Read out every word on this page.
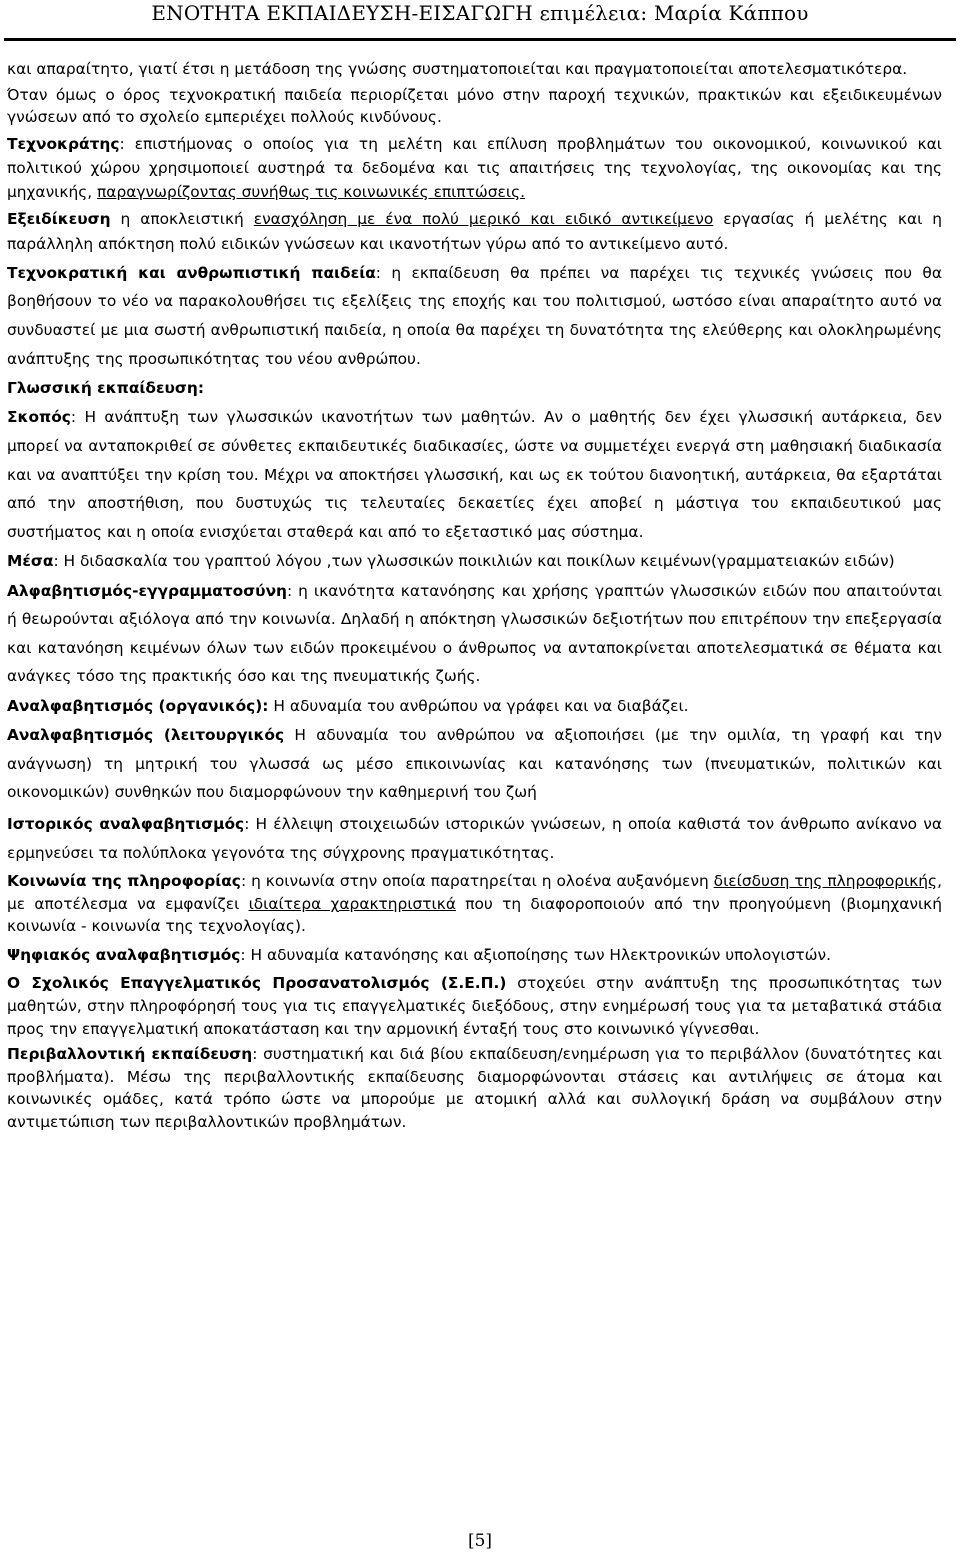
ΕΝΟΤΗΤΑ ΕΚΠΑΙΔΕΥΣΗ-ΕΙΣΑΓΩΓΗ επιμέλεια: Μαρία Κάππου

και απαραίτητο, γιατί έτσι η μετάδοση της γνώσης συστηματοποιείται και πραγματοποιείται αποτελεσματικότερα.

Όταν όμως ο όρος τεχνοκρατική παιδεία περιορίζεται μόνο στην παροχή τεχνικών, πρακτικών και εξειδικευμένων γνώσεων από το σχολείο εμπεριέχει πολλούς κινδύνους.

Τεχνοκράτης: επιστήμονας ο οποίος για τη μελέτη και επίλυση προβλημάτων του οικονομικού, κοινωνικού και πολιτικού χώρου χρησιμοποιεί αυστηρά τα δεδομένα και τις απαιτήσεις της τεχνολογίας, της οικονομίας και της μηχανικής, παραγνωρίζοντας συνήθως τις κοινωνικές επιπτώσεις.

Εξειδίκευση η αποκλειστική ενασχόληση με ένα πολύ μερικό και ειδικό αντικείμενο εργασίας ή μελέτης και η παράλληλη απόκτηση πολύ ειδικών γνώσεων και ικανοτήτων γύρω από το αντικείμενο αυτό.

Τεχνοκρατική και ανθρωπιστική παιδεία: η εκπαίδευση θα πρέπει να παρέχει τις τεχνικές γνώσεις που θα βοηθήσουν το νέο να παρακολουθήσει τις εξελίξεις της εποχής και του πολιτισμού, ωστόσο είναι απαραίτητο αυτό να συνδυαστεί με μια σωστή ανθρωπιστική παιδεία, η οποία θα παρέχει τη δυνατότητα της ελεύθερης και ολοκληρωμένης ανάπτυξης της προσωπικότητας του νέου ανθρώπου.

Γλωσσική εκπαίδευση:

Σκοπός: Η ανάπτυξη των γλωσσικών ικανοτήτων των μαθητών. Αν ο μαθητής δεν έχει γλωσσική αυτάρκεια, δεν μπορεί να ανταποκριθεί σε σύνθετες εκπαιδευτικές διαδικασίες, ώστε να συμμετέχει ενεργά στη μαθησιακή διαδικασία και να αναπτύξει την κρίση του. Μέχρι να αποκτήσει γλωσσική, και ως εκ τούτου διανοητική, αυτάρκεια, θα εξαρτάται από την αποστήθιση, που δυστυχώς τις τελευταίες δεκαετίες έχει αποβεί η μάστιγα του εκπαιδευτικού μας συστήματος και η οποία ενισχύεται σταθερά και από το εξεταστικό μας σύστημα.

Μέσα: Η διδασκαλία του γραπτού λόγου ,των γλωσσικών ποικιλιών και ποικίλων κειμένων(γραμματειακών ειδών)

Αλφαβητισμός-εγγραμματοσύνη: η ικανότητα κατανόησης και χρήσης γραπτών γλωσσικών ειδών που απαιτούνται ή θεωρούνται αξιόλογα από την κοινωνία. Δηλαδή η απόκτηση γλωσσικών δεξιοτήτων που επιτρέπουν την επεξεργασία και κατανόηση κειμένων όλων των ειδών προκειμένου ο άνθρωπος να ανταποκρίνεται αποτελεσματικά σε θέματα και ανάγκες τόσο της πρακτικής όσο και της πνευματικής ζωής.

Αναλφαβητισμός (οργανικός): Η αδυναμία του ανθρώπου να γράφει και να διαβάζει.

Αναλφαβητισμός (λειτουργικός Η αδυναμία του ανθρώπου να αξιοποιήσει (με την ομιλία, τη γραφή και την ανάγνωση) τη μητρική του γλωσσά ως μέσο επικοινωνίας και κατανόησης των (πνευματικών, πολιτικών και οικονομικών) συνθηκών που διαμορφώνουν την καθημερινή του ζωή

Ιστορικός αναλφαβητισμός: Η έλλειψη στοιχειωδών ιστορικών γνώσεων, η οποία καθιστά τον άνθρωπο ανίκανο να ερμηνεύσει τα πολύπλοκα γεγονότα της σύγχρονης πραγματικότητας.

Κοινωνία της πληροφορίας: η κοινωνία στην οποία παρατηρείται η ολοένα αυξανόμενη διείσδυση της πληροφορικής, με αποτέλεσμα να εμφανίζει ιδιαίτερα χαρακτηριστικά που τη διαφοροποιούν από την προηγούμενη (βιομηχανική κοινωνία - κοινωνία της τεχνολογίας).

Ψηφιακός αναλφαβητισμός: Η αδυναμία κατανόησης και αξιοποίησης των Ηλεκτρονικών υπολογιστών.

Ο Σχολικός Επαγγελματικός Προσανατολισμός (Σ.Ε.Π.) στοχεύει στην ανάπτυξη της προσωπικότητας των μαθητών, στην πληροφόρησή τους για τις επαγγελματικές διεξόδους, στην ενημέρωσή τους για τα μεταβατικά στάδια προς την επαγγελματική αποκατάσταση και την αρμονική ένταξή τους στο κοινωνικό γίγνεσθαι.

Περιβαλλοντική εκπαίδευση: συστηματική και διά βίου εκπαίδευση/ενημέρωση για το περιβάλλον (δυνατότητες και προβλήματα). Μέσω της περιβαλλοντικής εκπαίδευσης διαμορφώνονται στάσεις και αντιλήψεις σε άτομα και κοινωνικές ομάδες, κατά τρόπο ώστε να μπορούμε με ατομική αλλά και συλλογική δράση να συμβάλουν στην αντιμετώπιση των περιβαλλοντικών προβλημάτων.

[5]
